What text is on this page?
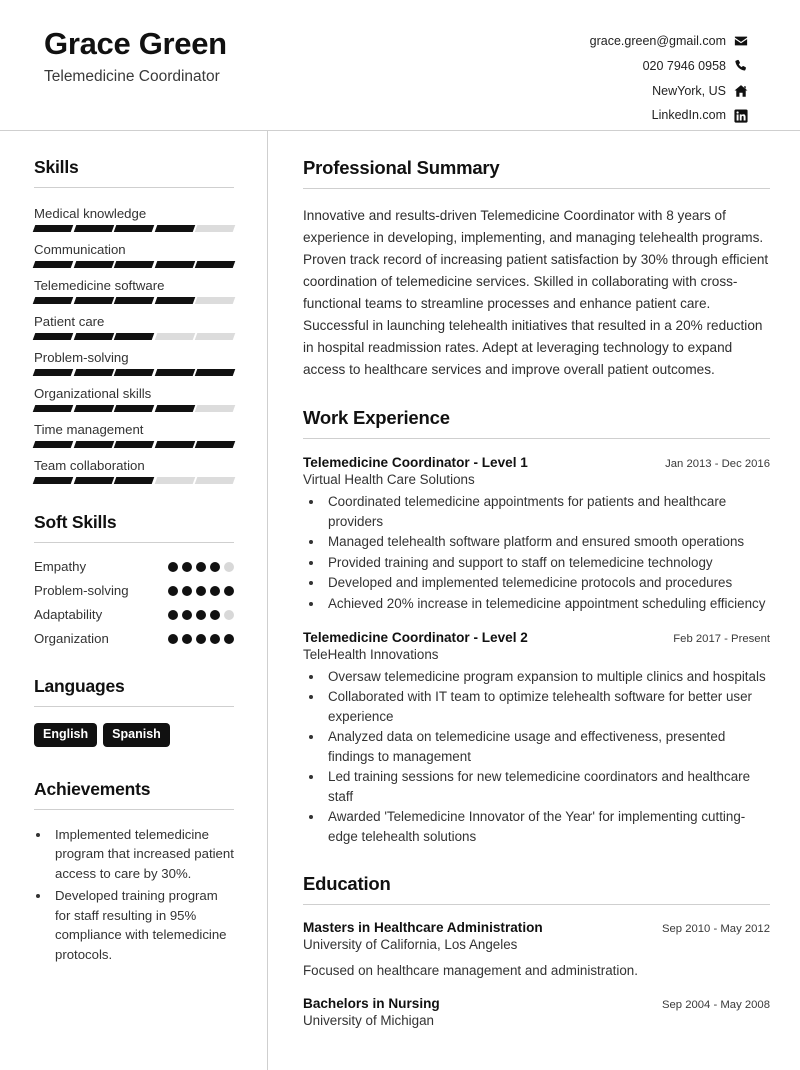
Grace Green
Telemedicine Coordinator
grace.green@gmail.com
020 7946 0958
NewYork, US
LinkedIn.com
Skills
Medical knowledge
Communication
Telemedicine software
Patient care
Problem-solving
Organizational skills
Time management
Team collaboration
Soft Skills
Empathy
Problem-solving
Adaptability
Organization
Languages
English	Spanish
Achievements
• Implemented telemedicine program that increased patient access to care by 30%.
• Developed training program for staff resulting in 95% compliance with telemedicine protocols.
Professional Summary
Innovative and results-driven Telemedicine Coordinator with 8 years of experience in developing, implementing, and managing telehealth programs. Proven track record of increasing patient satisfaction by 30% through efficient coordination of telemedicine services. Skilled in collaborating with cross-functional teams to streamline processes and enhance patient care. Successful in launching telehealth initiatives that resulted in a 20% reduction in hospital readmission rates. Adept at leveraging technology to expand access to healthcare services and improve overall patient outcomes.
Work Experience
Telemedicine Coordinator - Level 1	Jan 2013 - Dec 2016
Virtual Health Care Solutions
• Coordinated telemedicine appointments for patients and healthcare providers
• Managed telehealth software platform and ensured smooth operations
• Provided training and support to staff on telemedicine technology
• Developed and implemented telemedicine protocols and procedures
• Achieved 20% increase in telemedicine appointment scheduling efficiency
Telemedicine Coordinator - Level 2	Feb 2017 - Present
TeleHealth Innovations
• Oversaw telemedicine program expansion to multiple clinics and hospitals
• Collaborated with IT team to optimize telehealth software for better user experience
• Analyzed data on telemedicine usage and effectiveness, presented findings to management
• Led training sessions for new telemedicine coordinators and healthcare staff
• Awarded 'Telemedicine Innovator of the Year' for implementing cutting-edge telehealth solutions
Education
Masters in Healthcare Administration	Sep 2010 - May 2012
University of California, Los Angeles
Focused on healthcare management and administration.
Bachelors in Nursing	Sep 2004 - May 2008
University of Michigan
